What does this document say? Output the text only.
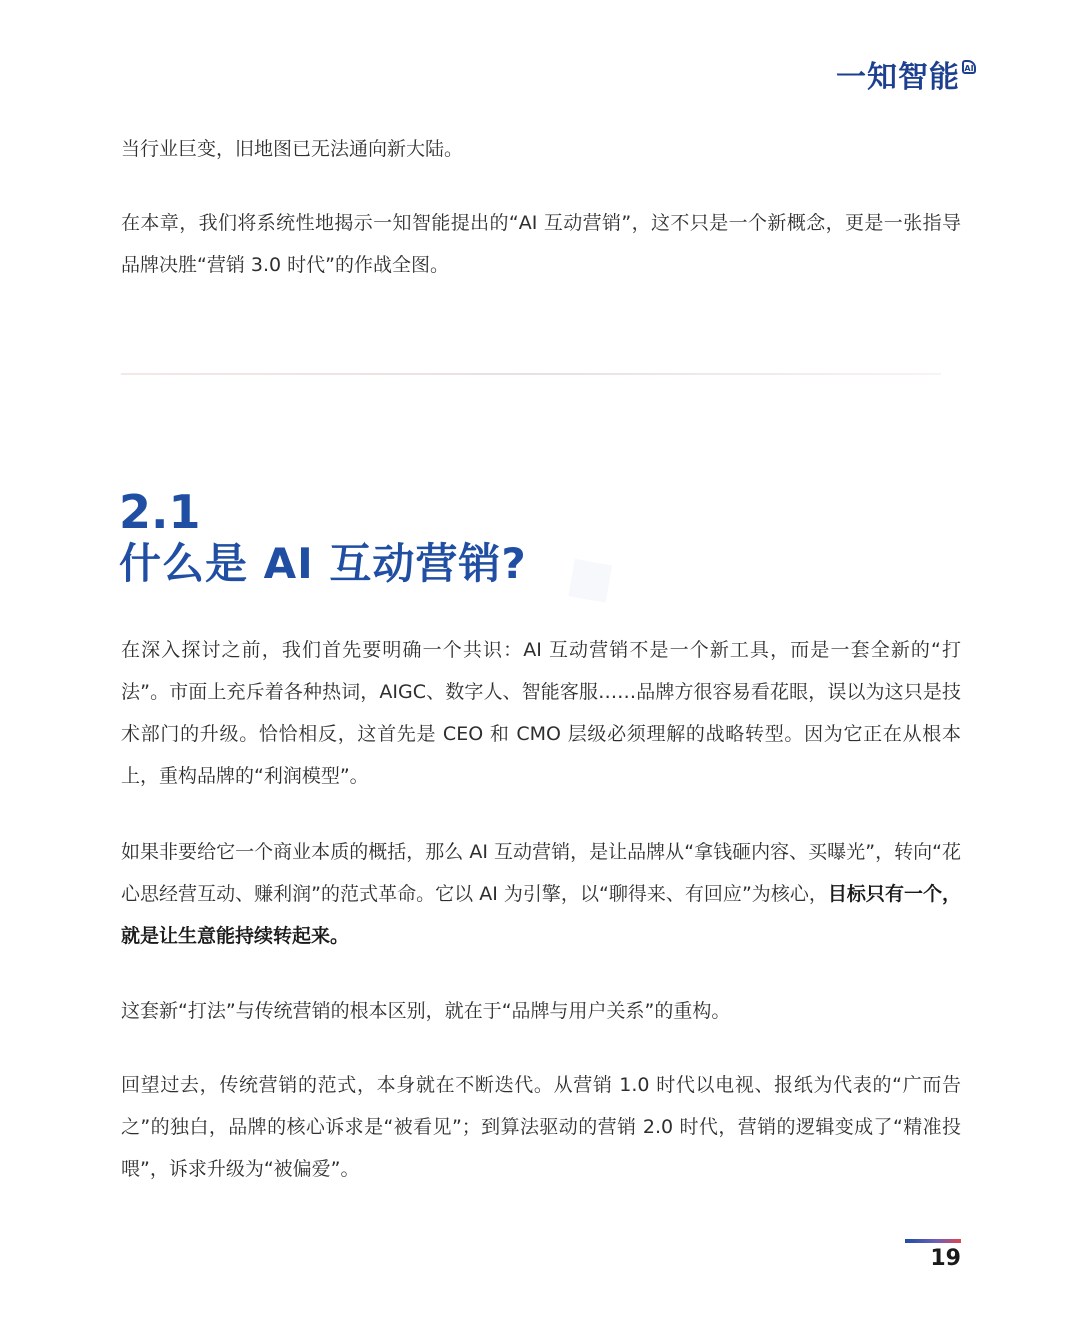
一知智能 AI

当行业巨变，旧地图已无法通向新大陆。

在本章，我们将系统性地揭示一知智能提出的“AI 互动营销”，这不只是一个新概念，更是一张指导品牌决胜“营销 3.0 时代”的作战全图。

2.1
什么是 AI 互动营销?

在深入探讨之前，我们首先要明确一个共识：AI 互动营销不是一个新工具，而是一套全新的“打法”。市面上充斥着各种热词，AIGC、数字人、智能客服……品牌方很容易看花眼，误以为这只是技术部门的升级。恰恰相反，这首先是 CEO 和 CMO 层级必须理解的战略转型。因为它正在从根本上，重构品牌的“利润模型”。

如果非要给它一个商业本质的概括，那么 AI 互动营销，是让品牌从“拿钱砸内容、买曝光”，转向“花心思经营互动、赚利润”的范式革命。它以 AI 为引擎，以“聊得来、有回应”为核心，目标只有一个，就是让生意能持续转起来。

这套新“打法”与传统营销的根本区别，就在于“品牌与用户关系”的重构。

回望过去，传统营销的范式，本身就在不断迭代。从营销 1.0 时代以电视、报纸为代表的“广而告之”的独白，品牌的核心诉求是“被看见”；到算法驱动的营销 2.0 时代，营销的逻辑变成了“精准投喂”，诉求升级为“被偏爱”。

19
